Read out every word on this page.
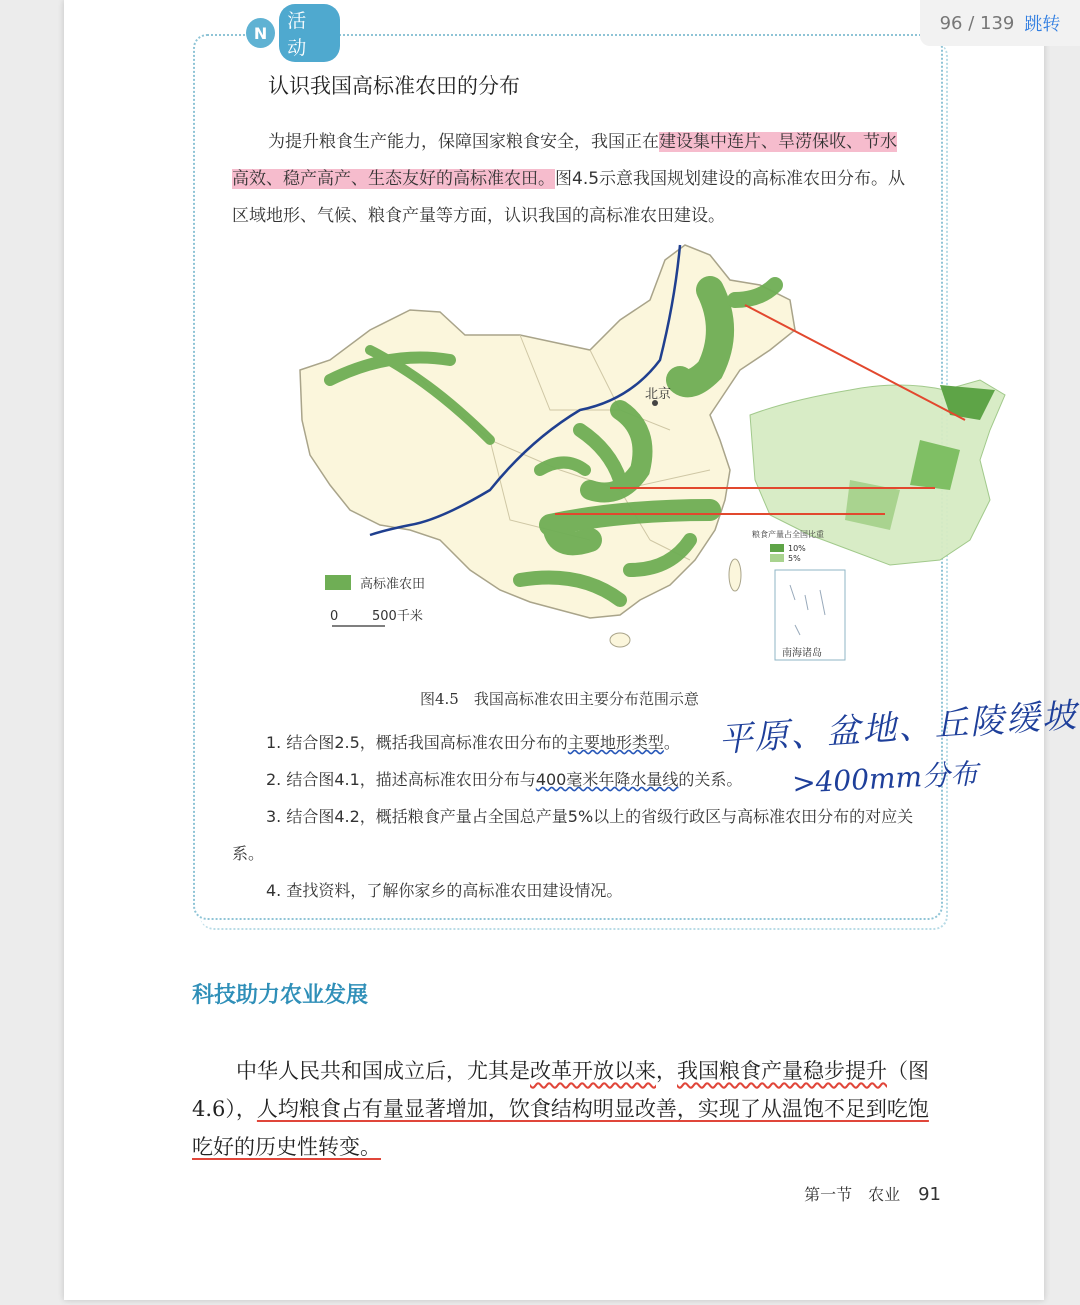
96 / 139 跳转
N
活动
认识我国高标准农田的分布
为提升粮食生产能力，保障国家粮食安全，我国正在建设集中连片、旱涝保收、节水高效、稳产高产、生态友好的高标准农田。图4.5示意我国规划建设的高标准农田分布。从区域地形、气候、粮食产量等方面，认识我国的高标准农田建设。
北京
高标准农田
0	500千米
南海诸岛
粮食产量占全国比重
10%
5%
图4.5　我国高标准农田主要分布范围示意
1. 结合图2.5，概括我国高标准农田分布的主要地形类型。
2. 结合图4.1，描述高标准农田分布与400毫米年降水量线的关系。
3. 结合图4.2，概括粮食产量占全国总产量5%以上的省级行政区与高标准农田分布的对应关系。
4. 查找资料，了解你家乡的高标准农田建设情况。
平原、盆地、丘陵缓坡
>400mm分布
科技助力农业发展
中华人民共和国成立后，尤其是改革开放以来，我国粮食产量稳步提升（图4.6），人均粮食占有量显著增加，饮食结构明显改善，实现了从温饱不足到吃饱吃好的历史性转变。
第一节　农业 91
